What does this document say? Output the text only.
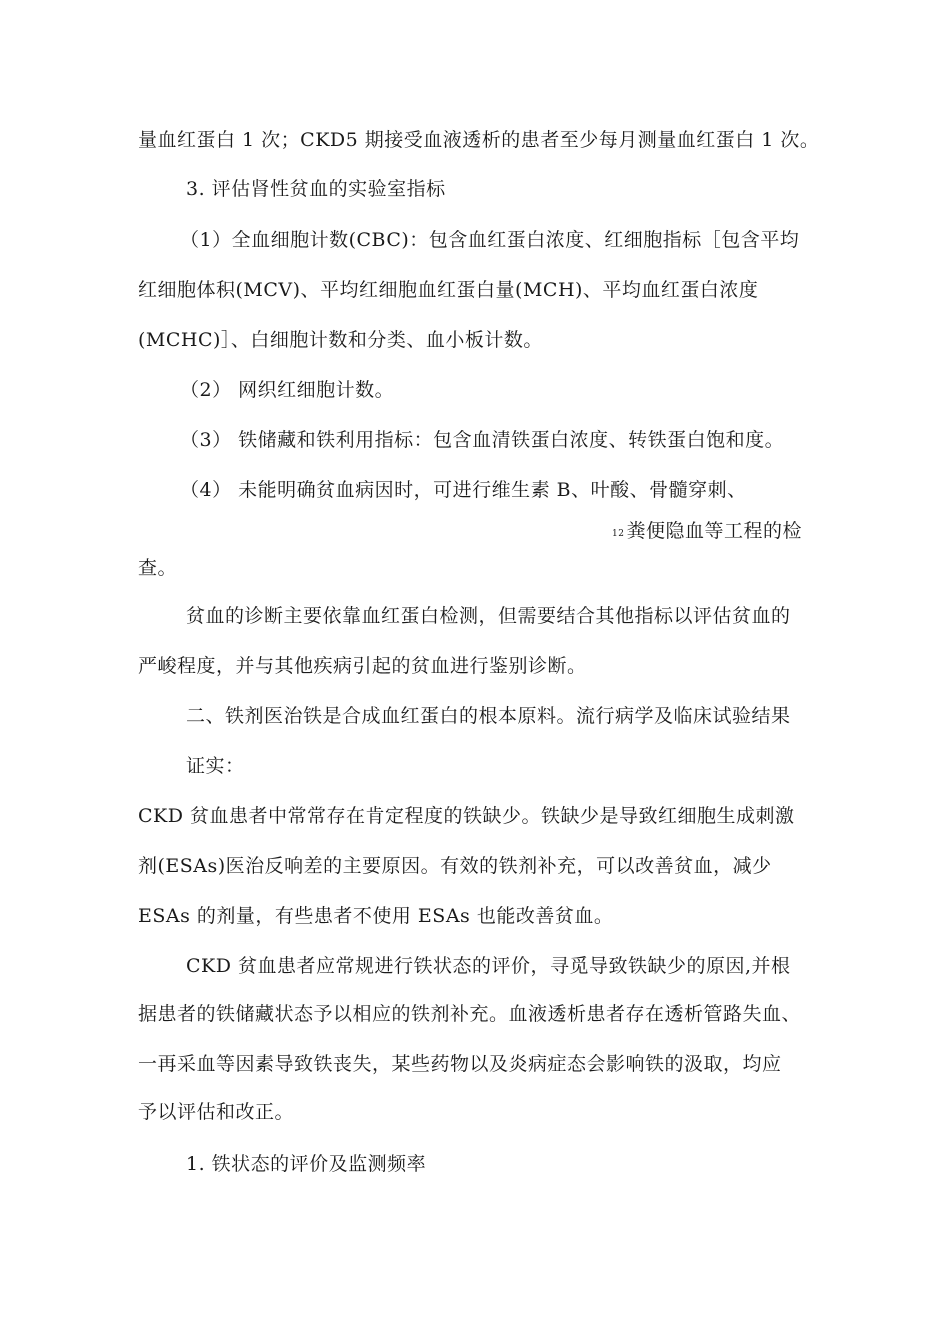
量血红蛋白 1 次；CKD5 期接受血液透析的患者至少每月测量血红蛋白 1 次。
3. 评估肾性贫血的实验室指标
（1）全血细胞计数(CBC)：包含血红蛋白浓度、红细胞指标［包含平均
红细胞体积(MCV)、平均红细胞血红蛋白量(MCH)、平均血红蛋白浓度
(MCHC)］、白细胞计数和分类、血小板计数。
（2） 网织红细胞计数。
（3） 铁储藏和铁利用指标：包含血清铁蛋白浓度、转铁蛋白饱和度。
（4） 未能明确贫血病因时，可进行维生素 B、叶酸、骨髓穿刺、
12 粪便隐血等工程的检
查。
贫血的诊断主要依靠血红蛋白检测，但需要结合其他指标以评估贫血的
严峻程度，并与其他疾病引起的贫血进行鉴别诊断。
二、铁剂医治铁是合成血红蛋白的根本原料。流行病学及临床试验结果
证实：
CKD 贫血患者中常常存在肯定程度的铁缺少。铁缺少是导致红细胞生成刺激
剂(ESAs)医治反响差的主要原因。有效的铁剂补充，可以改善贫血，减少
ESAs 的剂量，有些患者不使用 ESAs 也能改善贫血。
CKD 贫血患者应常规进行铁状态的评价，寻觅导致铁缺少的原因,并根
据患者的铁储藏状态予以相应的铁剂补充。血液透析患者存在透析管路失血、
一再采血等因素导致铁丧失，某些药物以及炎病症态会影响铁的汲取，均应
予以评估和改正。
1. 铁状态的评价及监测频率
